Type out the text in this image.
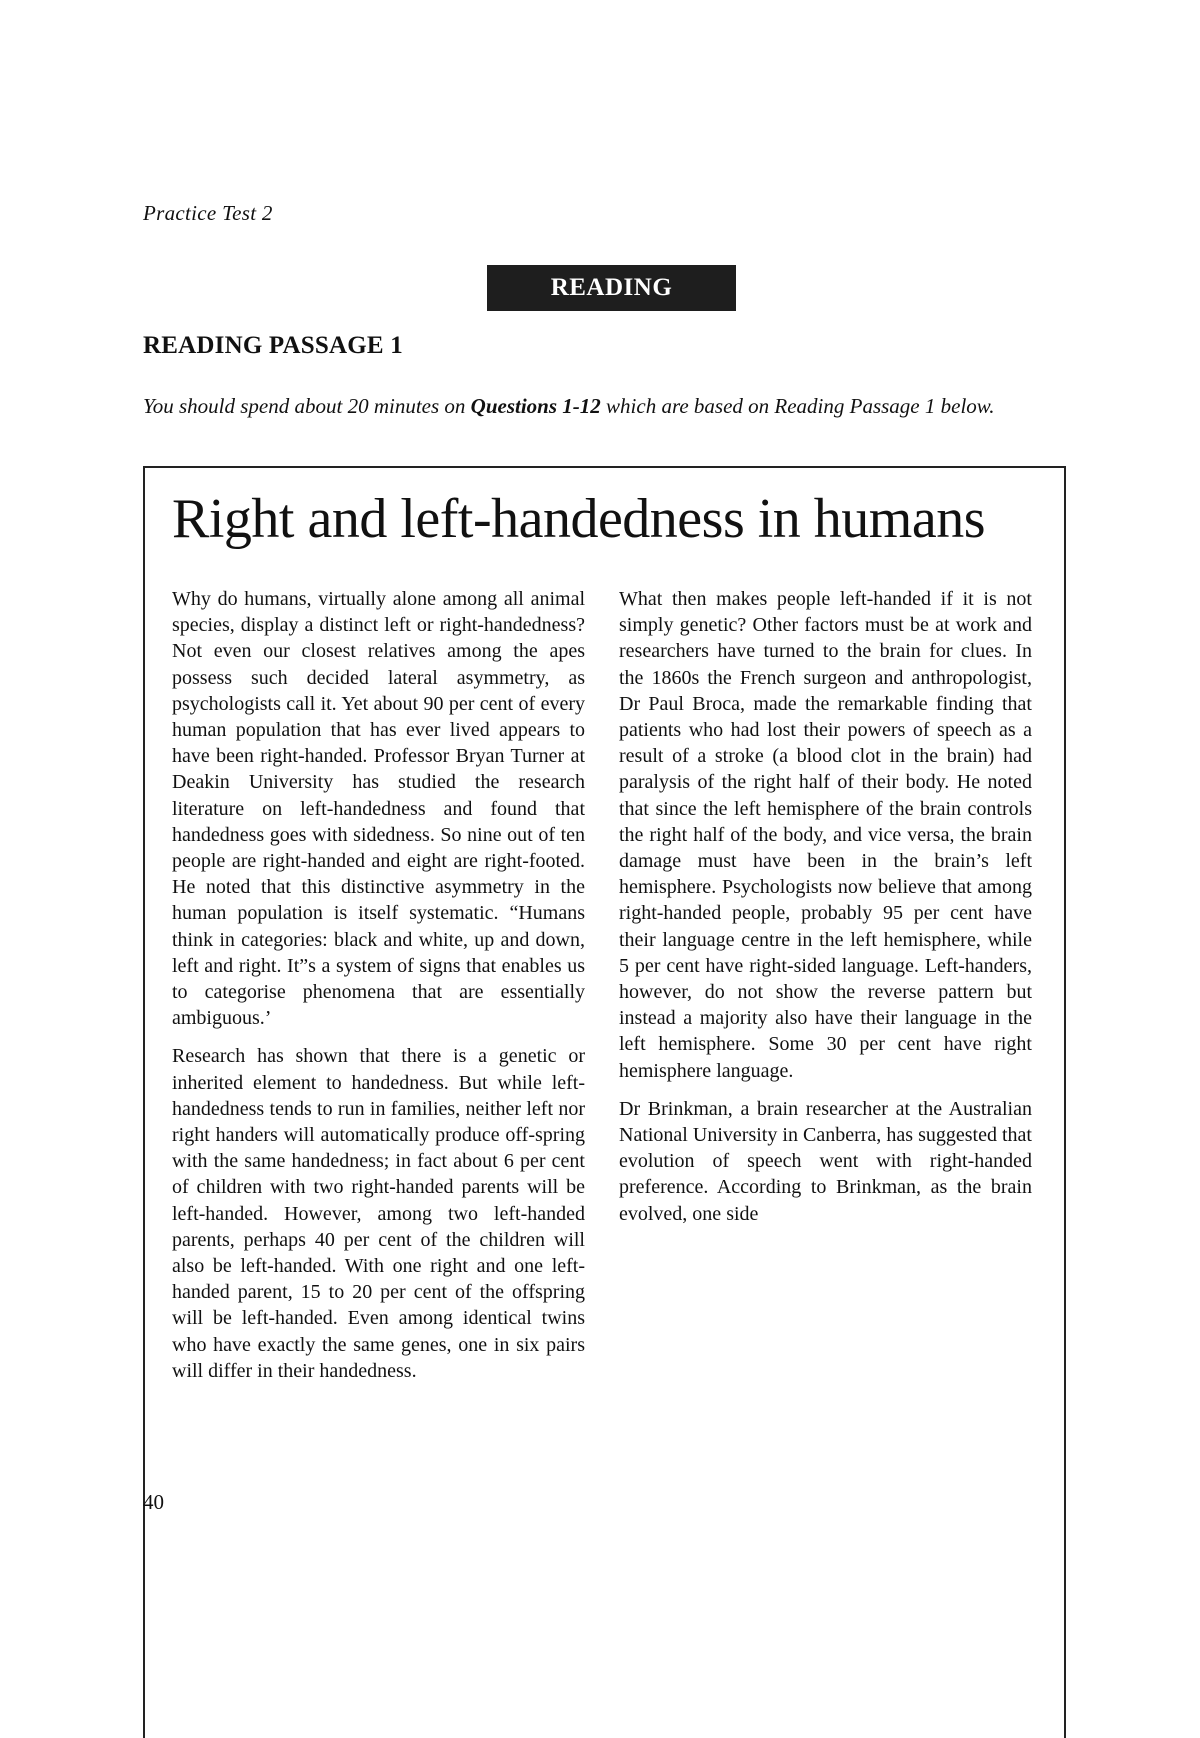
Practice Test 2
READING
READING PASSAGE 1
You should spend about 20 minutes on Questions 1-12 which are based on Reading Passage 1 below.
Right and left-handedness in humans

Why do humans, virtually alone among all animal species, display a distinct left or right-handedness? Not even our closest relatives among the apes possess such decided lateral asymmetry, as psychologists call it. Yet about 90 per cent of every human population that has ever lived appears to have been right-handed. Professor Bryan Turner at Deakin University has studied the research literature on left-handedness and found that handedness goes with sidedness. So nine out of ten people are right-handed and eight are right-footed. He noted that this distinctive asymmetry in the human population is itself systematic. “Humans think in categories: black and white, up and down, left and right. It”s a system of signs that enables us to categorise phenomena that are essentially ambiguous.’

Research has shown that there is a genetic or inherited element to handedness. But while left-handedness tends to run in families, neither left nor right handers will automatically produce off-spring with the same handedness; in fact about 6 per cent of children with two right-handed parents will be left-handed. However, among two left-handed parents, perhaps 40 per cent of the children will also be left-handed. With one right and one left-handed parent, 15 to 20 per cent of the offspring will be left-handed. Even among identical twins who have exactly the same genes, one in six pairs will differ in their handedness.

What then makes people left-handed if it is not simply genetic? Other factors must be at work and researchers have turned to the brain for clues. In the 1860s the French surgeon and anthropologist, Dr Paul Broca, made the remarkable finding that patients who had lost their powers of speech as a result of a stroke (a blood clot in the brain) had paralysis of the right half of their body. He noted that since the left hemisphere of the brain controls the right half of the body, and vice versa, the brain damage must have been in the brain’s left hemisphere. Psychologists now believe that among right-handed people, probably 95 per cent have their language centre in the left hemisphere, while 5 per cent have right-sided language. Left-handers, however, do not show the reverse pattern but instead a majority also have their language in the left hemisphere. Some 30 per cent have right hemisphere language.

Dr Brinkman, a brain researcher at the Australian National University in Canberra, has suggested that evolution of speech went with right-handed preference. According to Brinkman, as the brain evolved, one side

40
